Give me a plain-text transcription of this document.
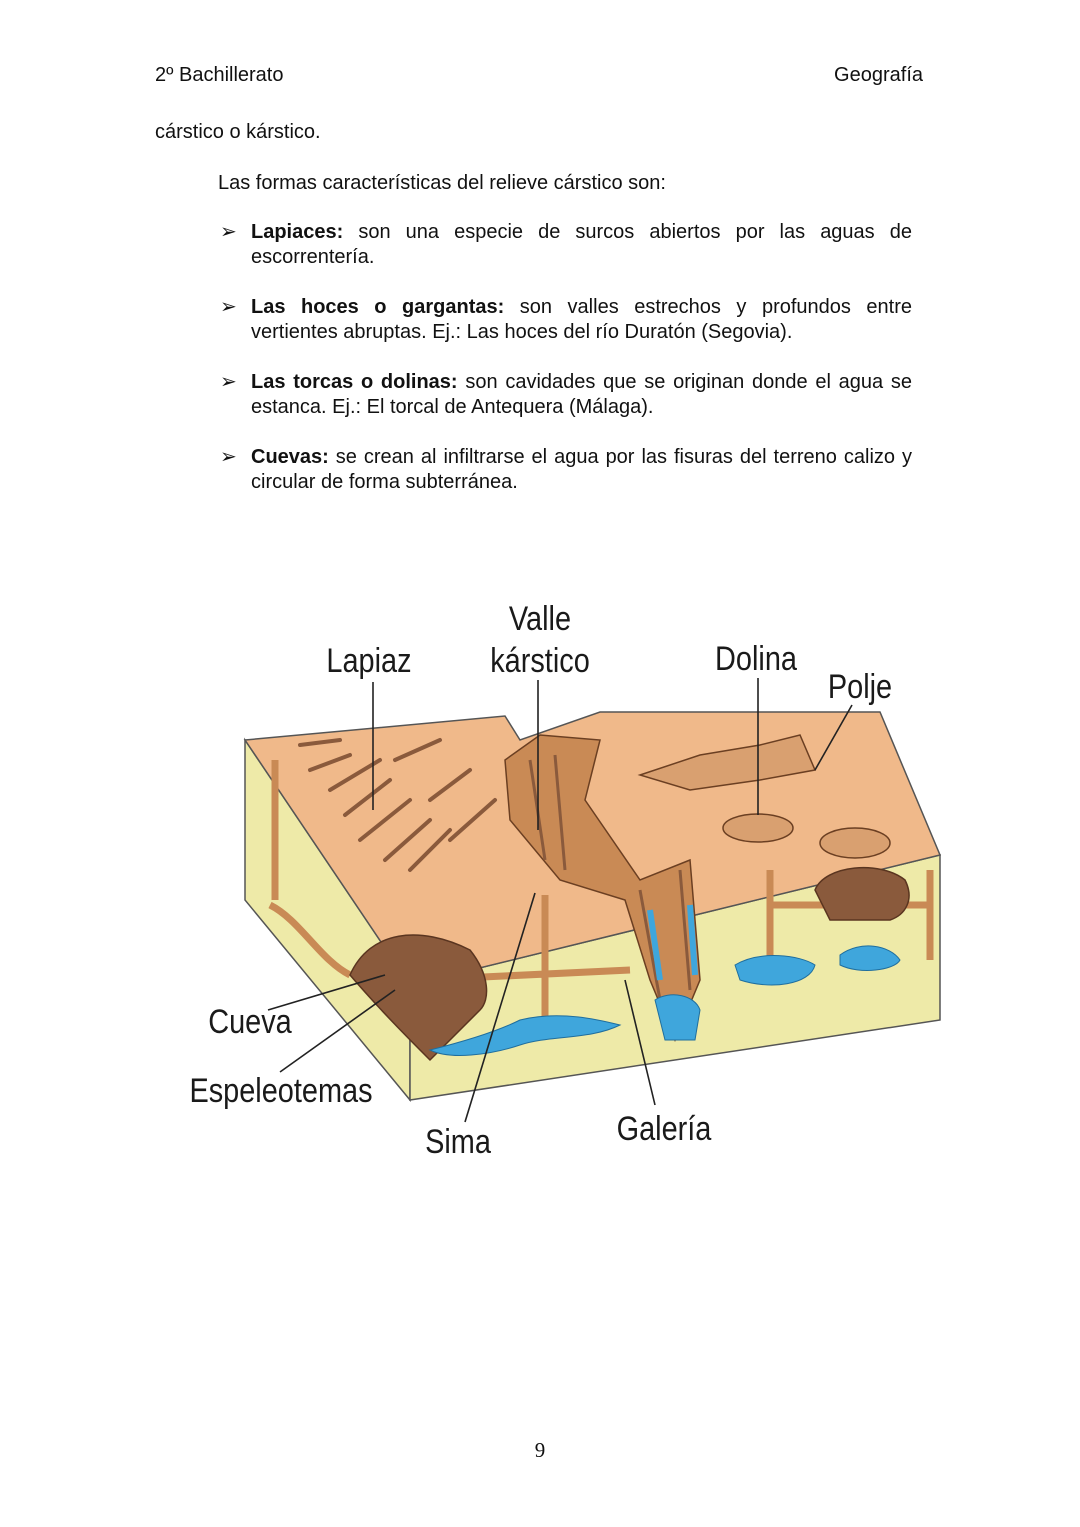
2º Bachillerato	Geografía
cárstico o kárstico.
Las formas características del relieve cárstico son:
➢ Lapiaces: son una especie de surcos abiertos por las aguas de escorrentería.
➢ Las hoces o gargantas: son valles estrechos y profundos entre vertientes abruptas. Ej.: Las hoces del río Duratón (Segovia).
➢ Las torcas o dolinas: son cavidades que se originan donde el agua se estanca. Ej.: El torcal de Antequera (Málaga).
➢ Cuevas: se crean al infiltrarse el agua por las fisuras del terreno calizo y circular de forma subterránea.
Lapiaz
Valle
kárstico	Dolina
Polje
Cueva
Espeleotemas
Sima	Galería
9
